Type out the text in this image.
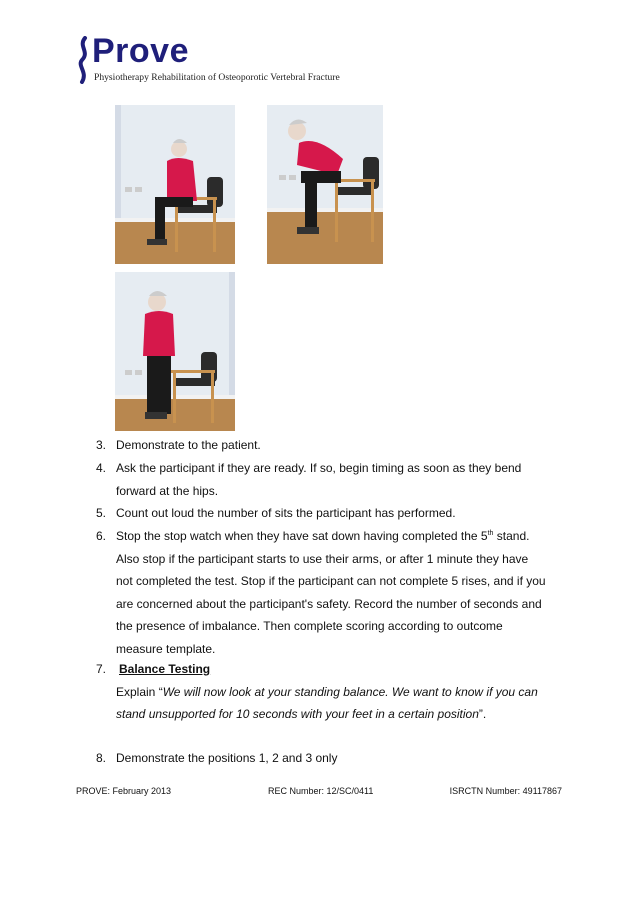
Prove
Physiotherapy Rehabilitation of Osteoporotic Vertebral Fracture
3. Demonstrate to the patient.
4. Ask the participant if they are ready. If so, begin timing as soon as they bend forward at the hips.
5. Count out loud the number of sits the participant has performed.
6. Stop the stop watch when they have sat down having completed the 5th stand. Also stop if the participant starts to use their arms, or after 1 minute they have not completed the test. Stop if the participant can not complete 5 rises, and if you are concerned about the participant's safety. Record the number of seconds and the presence of imbalance. Then complete scoring according to outcome measure template.
7. Balance Testing
Explain “We will now look at your standing balance. We want to know if you can stand unsupported for 10 seconds with your feet in a certain position”.
8. Demonstrate the positions 1, 2 and 3 only
PROVE: February 2013	REC Number: 12/SC/0411	ISRCTN Number: 49117867
